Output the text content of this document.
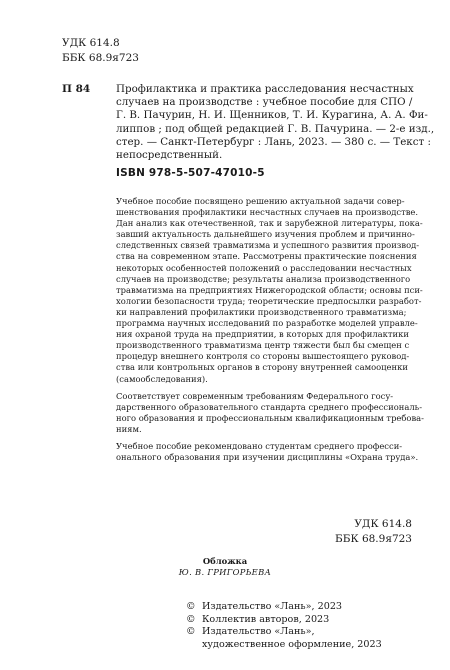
УДК 614.8
ББК 68.9я723
П 84	Профилактика и практика расследования несчастных
случаев на производстве : учебное пособие для СПО /
Г. В. Пачурин, Н. И. Щенников, Т. И. Курагина, А. А. Фи-
липпов ; под общей редакцией Г. В. Пачурина. — 2-е изд.,
стер. — Санкт-Петербург : Лань, 2023. — 380 с. — Текст :
непосредственный.
ISBN 978-5-507-47010-5
Учебное пособие посвящено решению актуальной задачи совер-
шенствования профилактики несчастных случаев на производстве.
Дан анализ как отечественной, так и зарубежной литературы, пока-
завший актуальность дальнейшего изучения проблем и причинно-
следственных связей травматизма и успешного развития производ-
ства на современном этапе. Рассмотрены практические пояснения
некоторых особенностей положений о расследовании несчастных
случаев на производстве; результаты анализа производственного
травматизма на предприятиях Нижегородской области; основы пси-
хологии безопасности труда; теоретические предпосылки разработ-
ки направлений профилактики производственного травматизма;
программа научных исследований по разработке моделей управле-
ния охраной труда на предприятии, в которых для профилактики
производственного травматизма центр тяжести был бы смещен с
процедур внешнего контроля со стороны вышестоящего руковод-
ства или контрольных органов в сторону внутренней самооценки
(самообследования).
Соответствует современным требованиям Федерального госу-
дарственного образовательного стандарта среднего профессиональ-
ного образования и профессиональным квалификационным требова-
ниям.
Учебное пособие рекомендовано студентам среднего професси-
онального образования при изучении дисциплины «Охрана труда».
УДК 614.8
ББК 68.9я723
Обложка
Ю. В. ГРИГОРЬЕВА
© Издательство «Лань», 2023
© Коллектив авторов, 2023
© Издательство «Лань»,
художественное оформление, 2023
